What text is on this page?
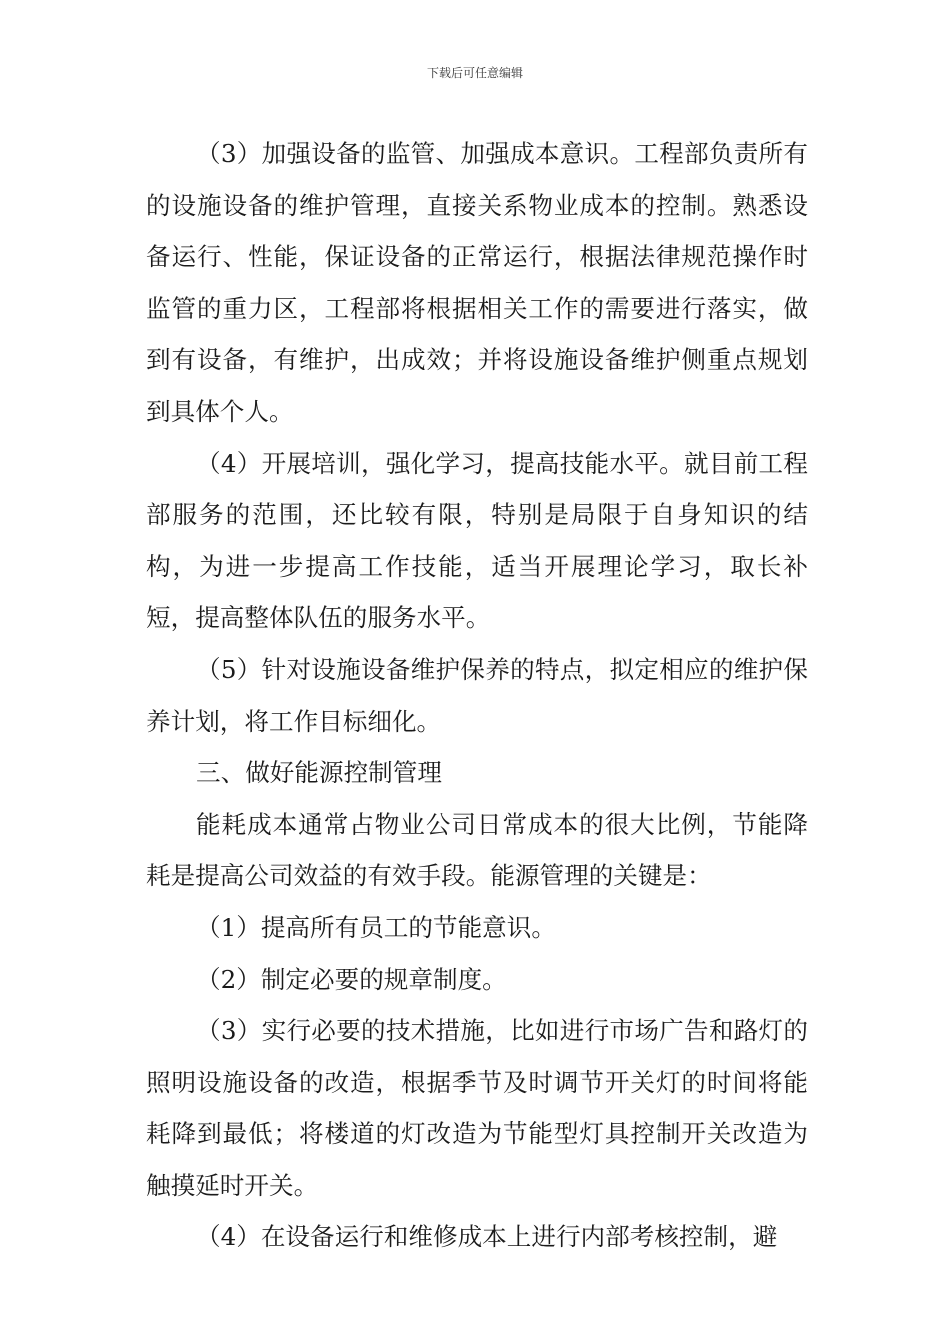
下载后可任意编辑

（3）加强设备的监管、加强成本意识。工程部负责所有的设施设备的维护管理，直接关系物业成本的控制。熟悉设备运行、性能，保证设备的正常运行，根据法律规范操作时监管的重力区，工程部将根据相关工作的需要进行落实，做到有设备，有维护，出成效；并将设施设备维护侧重点规划到具体个人。

（4）开展培训，强化学习，提高技能水平。就目前工程部服务的范围，还比较有限，特别是局限于自身知识的结构，为进一步提高工作技能，适当开展理论学习，取长补短，提高整体队伍的服务水平。

（5）针对设施设备维护保养的特点，拟定相应的维护保养计划，将工作目标细化。

三、做好能源控制管理

能耗成本通常占物业公司日常成本的很大比例，节能降耗是提高公司效益的有效手段。能源管理的关键是：

（1）提高所有员工的节能意识。

（2）制定必要的规章制度。

（3）实行必要的技术措施，比如进行市场广告和路灯的照明设施设备的改造，根据季节及时调节开关灯的时间将能耗降到最低；将楼道的灯改造为节能型灯具控制开关改造为触摸延时开关。

（4）在设备运行和维修成本上进行内部考核控制，避
